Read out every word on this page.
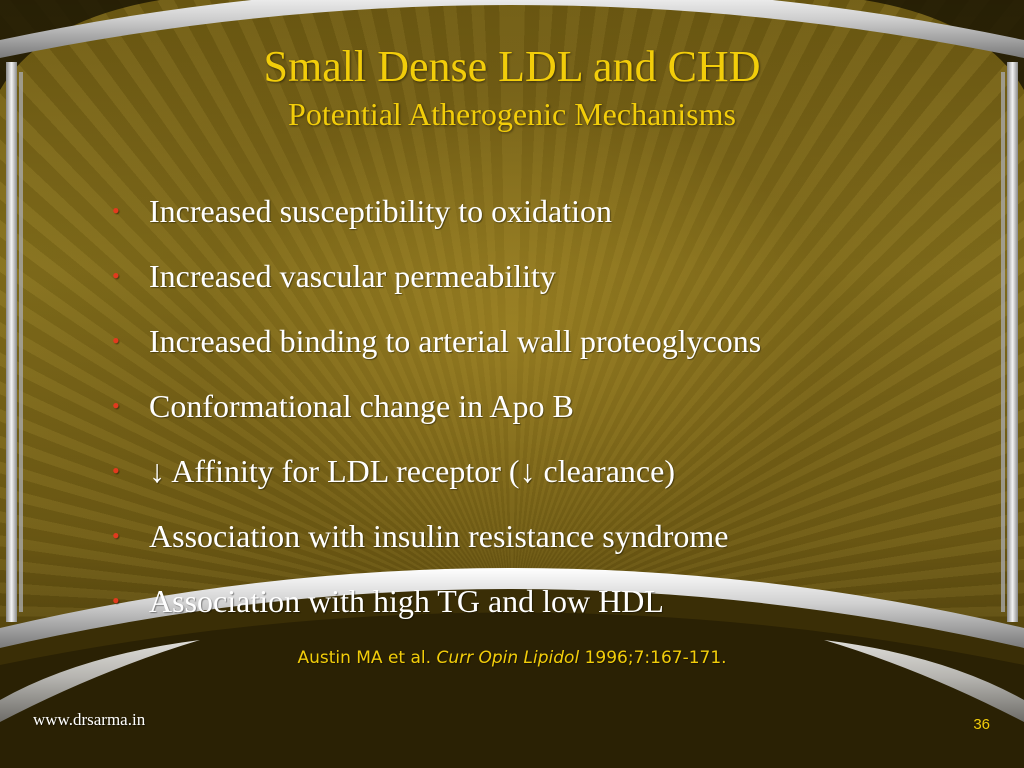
Small Dense LDL and CHD
Potential Atherogenic Mechanisms
• Increased susceptibility to oxidation
• Increased vascular permeability
• Increased binding to arterial wall proteoglycons
• Conformational change in Apo B
• ↓ Affinity for LDL receptor (↓ clearance)
• Association with insulin resistance syndrome
• Association with high TG and low HDL
Austin MA et al. Curr Opin Lipidol 1996;7:167-171.
www.drsarma.in	36
